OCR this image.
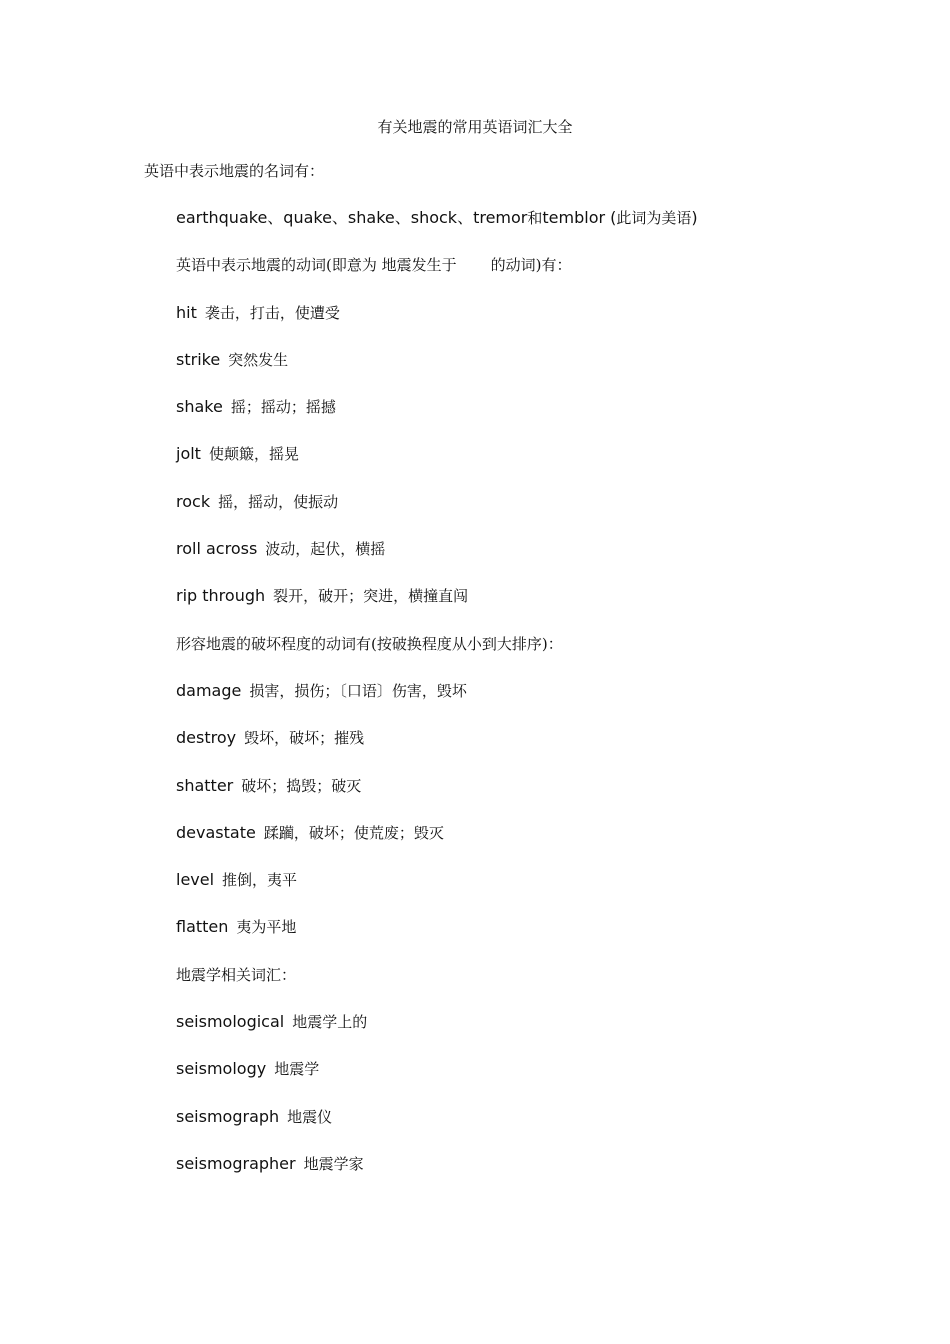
有关地震的常用英语词汇大全
英语中表示地震的名词有：
earthquake、quake、shake、shock、tremor和temblor (此词为美语)
英语中表示地震的动词(即意为 地震发生于 的动词)有：
hit 袭击，打击，使遭受
strike 突然发生
shake 摇；摇动；摇撼
jolt 使颠簸，摇晃
rock 摇，摇动，使振动
roll across 波动，起伏，横摇
rip through 裂开，破开；突进，横撞直闯
形容地震的破坏程度的动词有(按破换程度从小到大排序)：
damage 损害，损伤；〔口语〕伤害，毁坏
destroy 毁坏，破坏；摧残
shatter 破坏；捣毁；破灭
devastate 蹂躏，破坏；使荒废；毁灭
level 推倒，夷平
flatten 夷为平地
地震学相关词汇：
seismological 地震学上的
seismology 地震学
seismograph 地震仪
seismographer 地震学家
